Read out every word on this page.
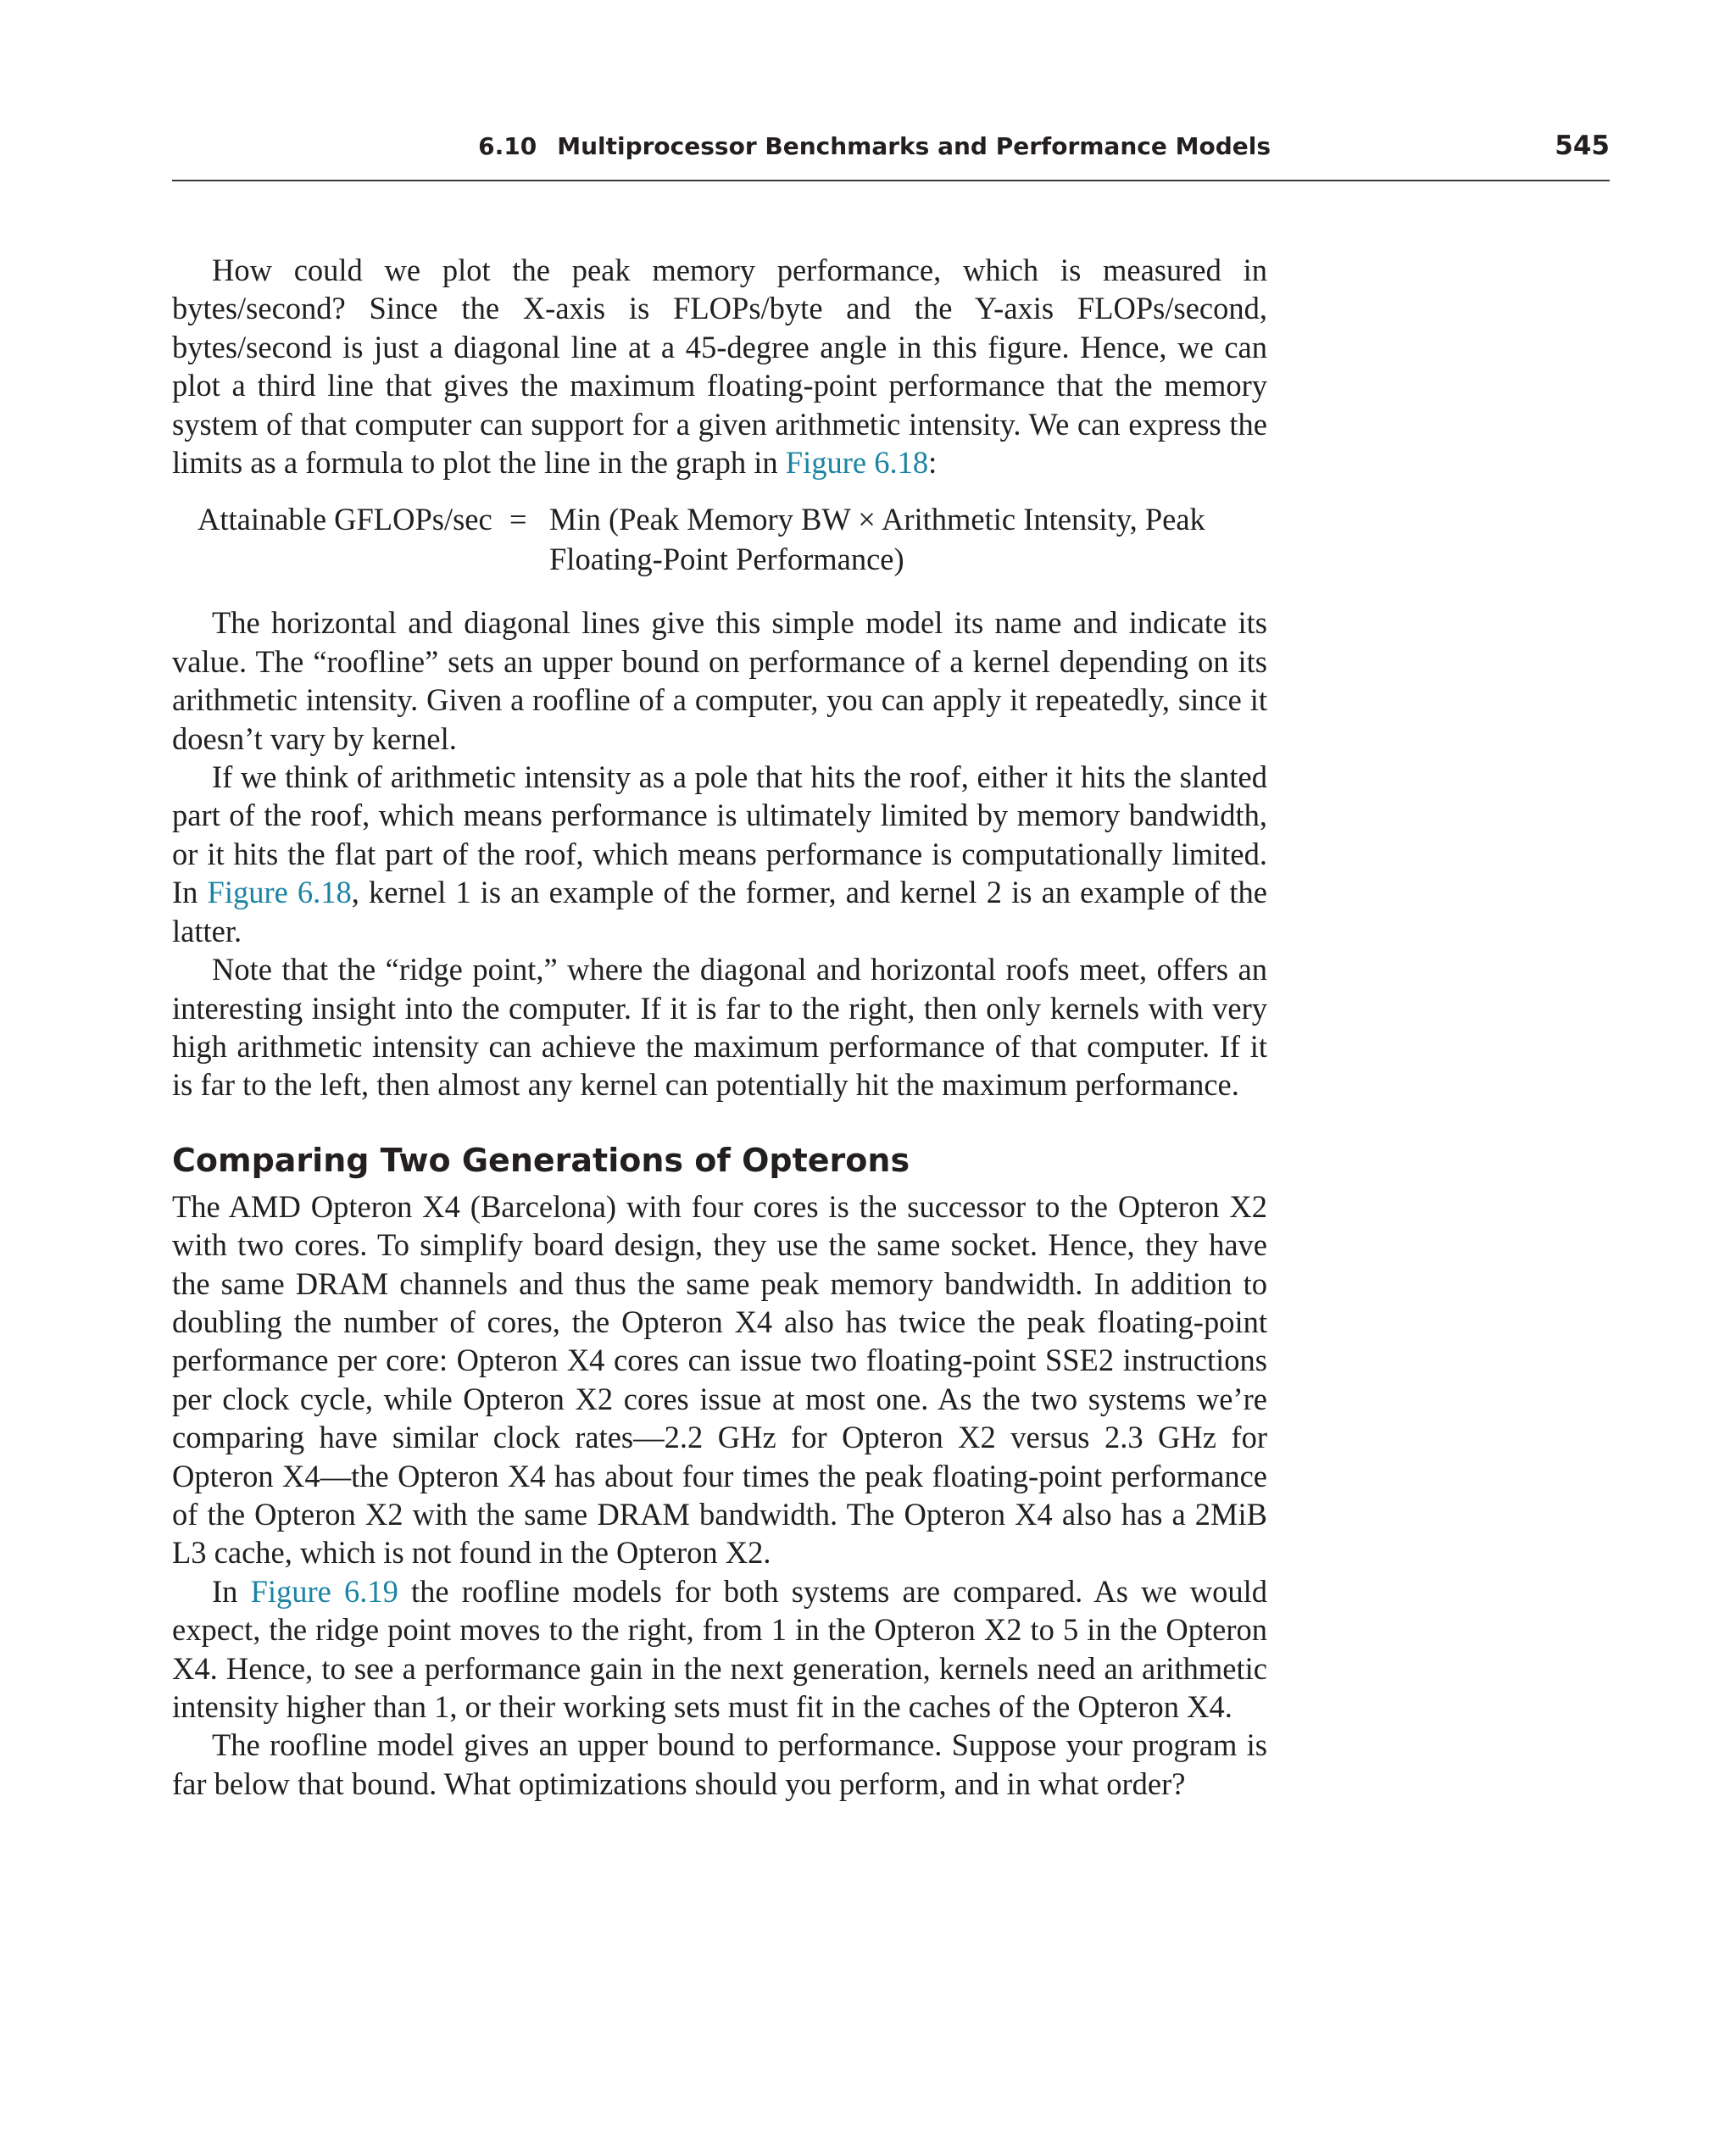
6.10 Multiprocessor Benchmarks and Performance Models	545

How could we plot the peak memory performance, which is measured in bytes/second? Since the X-axis is FLOPs/byte and the Y-axis FLOPs/second, bytes/second is just a diagonal line at a 45-degree angle in this figure. Hence, we can plot a third line that gives the maximum floating-point performance that the memory system of that computer can support for a given arithmetic intensity. We can express the limits as a formula to plot the line in the graph in Figure 6.18:

Attainable GFLOPs/sec = Min (Peak Memory BW × Arithmetic Intensity, Peak
Floating-Point Performance)

The horizontal and diagonal lines give this simple model its name and indicate its value. The “roofline” sets an upper bound on performance of a kernel depending on its arithmetic intensity. Given a roofline of a computer, you can apply it repeatedly, since it doesn’t vary by kernel.

If we think of arithmetic intensity as a pole that hits the roof, either it hits the slanted part of the roof, which means performance is ultimately limited by memory bandwidth, or it hits the flat part of the roof, which means performance is computationally limited. In Figure 6.18, kernel 1 is an example of the former, and kernel 2 is an example of the latter.

Note that the “ridge point,” where the diagonal and horizontal roofs meet, offers an interesting insight into the computer. If it is far to the right, then only kernels with very high arithmetic intensity can achieve the maximum performance of that computer. If it is far to the left, then almost any kernel can potentially hit the maximum performance.

Comparing Two Generations of Opterons

The AMD Opteron X4 (Barcelona) with four cores is the successor to the Opteron X2 with two cores. To simplify board design, they use the same socket. Hence, they have the same DRAM channels and thus the same peak memory bandwidth. In addition to doubling the number of cores, the Opteron X4 also has twice the peak floating-point performance per core: Opteron X4 cores can issue two floating-point SSE2 instructions per clock cycle, while Opteron X2 cores issue at most one. As the two systems we’re comparing have similar clock rates—2.2 GHz for Opteron X2 versus 2.3 GHz for Opteron X4—the Opteron X4 has about four times the peak floating-point performance of the Opteron X2 with the same DRAM bandwidth. The Opteron X4 also has a 2MiB L3 cache, which is not found in the Opteron X2.

In Figure 6.19 the roofline models for both systems are compared. As we would expect, the ridge point moves to the right, from 1 in the Opteron X2 to 5 in the Opteron X4. Hence, to see a performance gain in the next generation, kernels need an arithmetic intensity higher than 1, or their working sets must fit in the caches of the Opteron X4.

The roofline model gives an upper bound to performance. Suppose your program is far below that bound. What optimizations should you perform, and in what order?
